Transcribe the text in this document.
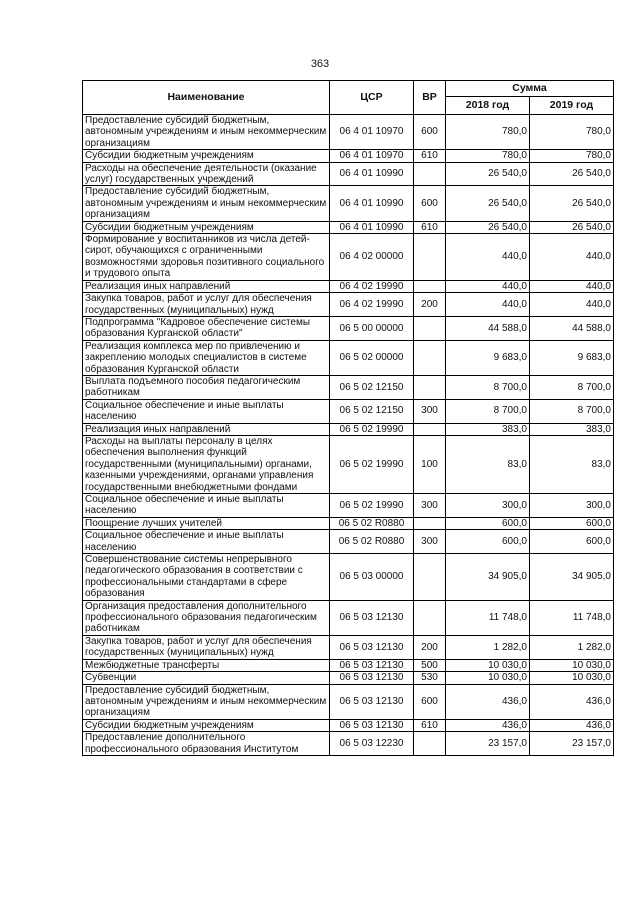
363
Наименование	ЦСР	ВР	Сумма	
			2018 год	2019 год
Предоставление субсидий бюджетным, автономным учреждениям и иным некоммерческим организациям	06 4 01 10970	600	780,0	780,0
Субсидии бюджетным учреждениям	06 4 01 10970	610	780,0	780,0
Расходы на обеспечение деятельности (оказание услуг) государственных учреждений	06 4 01 10990		26 540,0	26 540,0
Предоставление субсидий бюджетным, автономным учреждениям и иным некоммерческим организациям	06 4 01 10990	600	26 540,0	26 540,0
Субсидии бюджетным учреждениям	06 4 01 10990	610	26 540,0	26 540,0
Формирование у воспитанников из числа детей-сирот, обучающихся с ограниченными возможностями здоровья позитивного социального и трудового опыта	06 4 02 00000		440,0	440,0
Реализация иных направлений	06 4 02 19990		440,0	440,0
Закупка товаров, работ и услуг для обеспечения государственных (муниципальных) нужд	06 4 02 19990	200	440,0	440,0
Подпрограмма "Кадровое обеспечение системы образования Курганской области"	06 5 00 00000		44 588,0	44 588,0
Реализация комплекса мер по привлечению и закреплению молодых специалистов в системе образования Курганской области	06 5 02 00000		9 683,0	9 683,0
Выплата подъемного пособия педагогическим работникам	06 5 02 12150		8 700,0	8 700,0
Социальное обеспечение и иные выплаты населению	06 5 02 12150	300	8 700,0	8 700,0
Реализация иных направлений	06 5 02 19990		383,0	383,0
Расходы на выплаты персоналу в целях обеспечения выполнения функций государственными (муниципальными) органами, казенными учреждениями, органами управления государственными внебюджетными фондами	06 5 02 19990	100	83,0	83,0
Социальное обеспечение и иные выплаты населению	06 5 02 19990	300	300,0	300,0
Поощрение лучших учителей	06 5 02 R0880		600,0	600,0
Социальное обеспечение и иные выплаты населению	06 5 02 R0880	300	600,0	600,0
Совершенствование системы непрерывного педагогического образования в соответствии с профессиональными стандартами в сфере образования	06 5 03 00000		34 905,0	34 905,0
Организация предоставления дополнительного профессионального образования педагогическим работникам	06 5 03 12130		11 748,0	11 748,0
Закупка товаров, работ и услуг для обеспечения государственных (муниципальных) нужд	06 5 03 12130	200	1 282,0	1 282,0
Межбюджетные трансферты	06 5 03 12130	500	10 030,0	10 030,0
Субвенции	06 5 03 12130	530	10 030,0	10 030,0
Предоставление субсидий бюджетным, автономным учреждениям и иным некоммерческим организациям	06 5 03 12130	600	436,0	436,0
Субсидии бюджетным учреждениям	06 5 03 12130	610	436,0	436,0
Предоставление дополнительного профессионального образования Институтом	06 5 03 12230		23 157,0	23 157,0
